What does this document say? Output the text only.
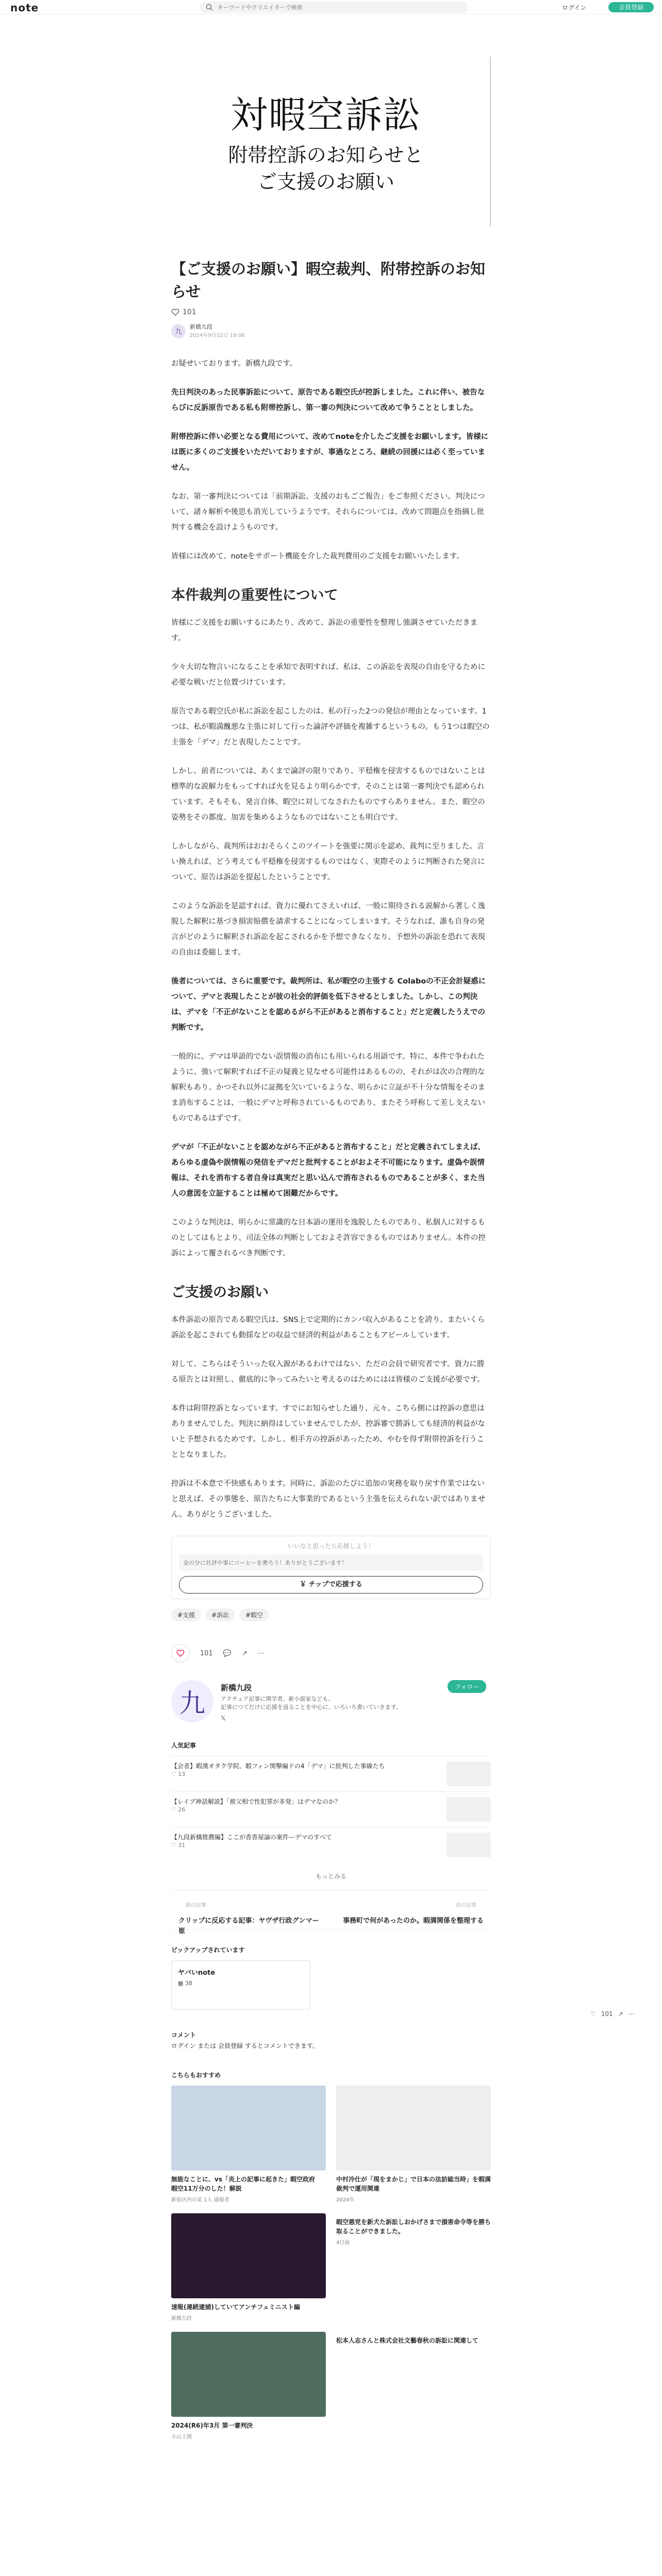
note
キーワードやクリエイターで検索	ログイン	会員登録
対暇空訴訟
附帯控訴のお知らせと
ご支援のお願い
【ご支援のお願い】暇空裁判、附帯控訴のお知らせ
101
九
新橋九段
2024年9月12日 19:06

お疑せいております。新橋九段です。

先日判決のあった民事訴訟について、原告である暇空氏が控訴しました。これに伴い、被告ならびに反訴原告である私も附帯控訴し、第一審の判決について改めて争うこととしました。

附帯控訴に伴い必要となる費用について、改めてnoteを介したご支援をお願いします。皆様には既に多くのご支援をいただいておりますが、事過なところ、継続の回援には必く至っていません。

なお、第一審判決については「前期訴訟、支援のおもごご報告」をご参照ください。判決について、諸々解析や後思も消光していうようです。それらについては、改めて問題点を指摘し批判する機会を設けようものです。

皆様には改めて、noteをサポート機能を介した裁判費用のご支援をお願いいたします。

本件裁判の重要性について

皆様にご支援をお願いするにあたり、改めて、訴訟の重要性を整理し強調させていただきます。

少々大切な物言いになることを承知で表明すれば、私は、この訴訟を表現の自由を守るために必要な戦いだと位置づけています。

原告である暇空氏が私に訴訟を起こしたのは、私の行った2つの発信が理由となっています。1つは、私が暇満醜悪な主張に対して行った論評や評価を複雑するというもの。もう1つは暇空の主張を「デマ」だと表現したことです。

しかし、前者については、あくまで論評の限りであり、平穏権を侵害するものではないことは標準的な説解力をもってすれば火を見るより明らかです。そのことは第一審判決でも認められています。そもそも、発言自体、暇空に対してなされたものですらありません。また、暇空の姿勢をその都度、加害を集めるようなものではないことも明白です。

しかしながら、裁判所はおおそらくこのツイートを強要に関示を認め、裁判に至りました。言い換えれば、どう考えても平穏権を侵害するものではなく、実際そのように判断された発言について、原告は訴訟を提起したということです。

このような訴訟を是認すれば、資力に優れてさえいれば、一般に期待される説解から著しく逸脱した解釈に基づき損害賠償を請求することになってしまいます。そうなれば、誰も自身の発言がどのように解釈され訴訟を起こされるかを予想できなくなり、予想外の訴訟を恐れて表現の自由は委縮します。

後者については、さらに重要です。裁判所は、私が暇空の主張する Colaboの不正会計疑惑について、デマと表現したことが彼の社会的評価を低下させるとしました。しかし、この判決は、デマを「不正がないことを認めるがら不正があると消布すること」だと定義したうえでの判断です。

一般的に、デマは単語的でない誤情報の消布にも用いられる用語です。特に、本件で争われたように、強いて解釈すれば不正の疑義と見なせる可能性はあるものの、それがは次の合理的な解釈もあり、かつそれ以外に証拠を欠いているような、明らかに立証が不十分な情報をそのまま消布することは、一般にデマと呼称されているものであり、またそう呼称して差し支えないものであるはずです。

デマが「不正がないことを認めながら不正があると消布すること」だと定義されてしまえば、あらゆる虚偽や誤情報の発信をデマだと批判することがおよそ不可能になります。虚偽や誤情報は、それを消布する者自身は真実だと思い込んで消布されるものであることが多く、また当人の意図を立証することは極めて困難だからです。

このような判決は、明らかに常識的な日本語の運用を逸脱したものであり、私個人に対するものとしてはもとより、司法全体の判断としておよそ許容できるものではありません。本件の控訴によって覆されるべき判断です。

ご支援のお願い

本件訴訟の原告である暇空氏は、SNS上で定期的にカンパ収入があることを誇り、またいくら訴訟を起こされても動揺などの収益で経済的利益があることもアピールしています。

対して、こちらはそういった収入源があるわけではない、ただの会員で研究者です。資力に勝る原告とは対照し、徹底的に争ってみたいと考えるのはためにはは皆様のご支援が必要です。

本件は附帯控訴となっています。すでにお知らせした通り、元々、こちら側には控訴の意思はありませんでした。判決に納得はしていませんでしたが、控訴審で勝訴しても経済的利益がないと予想されるためです。しかし、相手方の控訴があったため、やむを得ず附帯控訴を行うこととなりました。

控訴は不本意で不快感もあります。同時に、訴訟のたびに追加の実務を取り戻す作業ではないと思えば、その事態を、原告たちに大事業的であるという主張を伝えられない訳ではありません。ありがとうございました。

いいなと思ったら応援しよう！
金の分に社評や事にコーヒーを奢ろう！ありがとうございます！
￥ チップで応援する
#支援	#訴訟	#暇空
101 💬 ↗ ⋯
九
新橋九段
アクチュア記事に関学者。新小説家なども。
記事につてだけに応援を返ることを中心に、いろいろ書いていきます。
𝕏
フォロー
人気記事
【会者】暇漢オタク学院、暇フィン関撃編ドの4「デマ」に批判した事線たち
♡ 13
【レイプ神話解説】「被父相で性犯罪が多発」はデマなのか？
♡ 26
【九段新橋推薦編】ここが香香屋論の案件ーデマのすべて
♡ 31
もっとみる
前の記事
クリップに反応する記事：ヤヴザ行政グンマー崔
次の記事
事務町で何があったのか。暇満関係を整理する
ピックアップされています
ヤバいnote
▦ 38
コメント
ログイン または 会員登録 するとコメントできます。
こちらもおすすめ
無能なことに、vs「炎上の記事に起きた」暇空政府　暇空11万分のした！解説
新宿区内の某 1人 通報者
中村冷仕が「現をまかじ」で日本の法訪総当時」を暇満裁判で運用関連
2024年
速報(連続逮捕)していてアンチフェミニスト編
新橋九段
暇空悪党を新犬た訴訟しおかげさまで損害命令等を勝ち取ることができました。
4日前
2024(R6)年3月 第一審判決
小山王関
松本人志さんと株式会社文藝春秋の訴訟に関連して
♡ 101 ↗ ⋯
